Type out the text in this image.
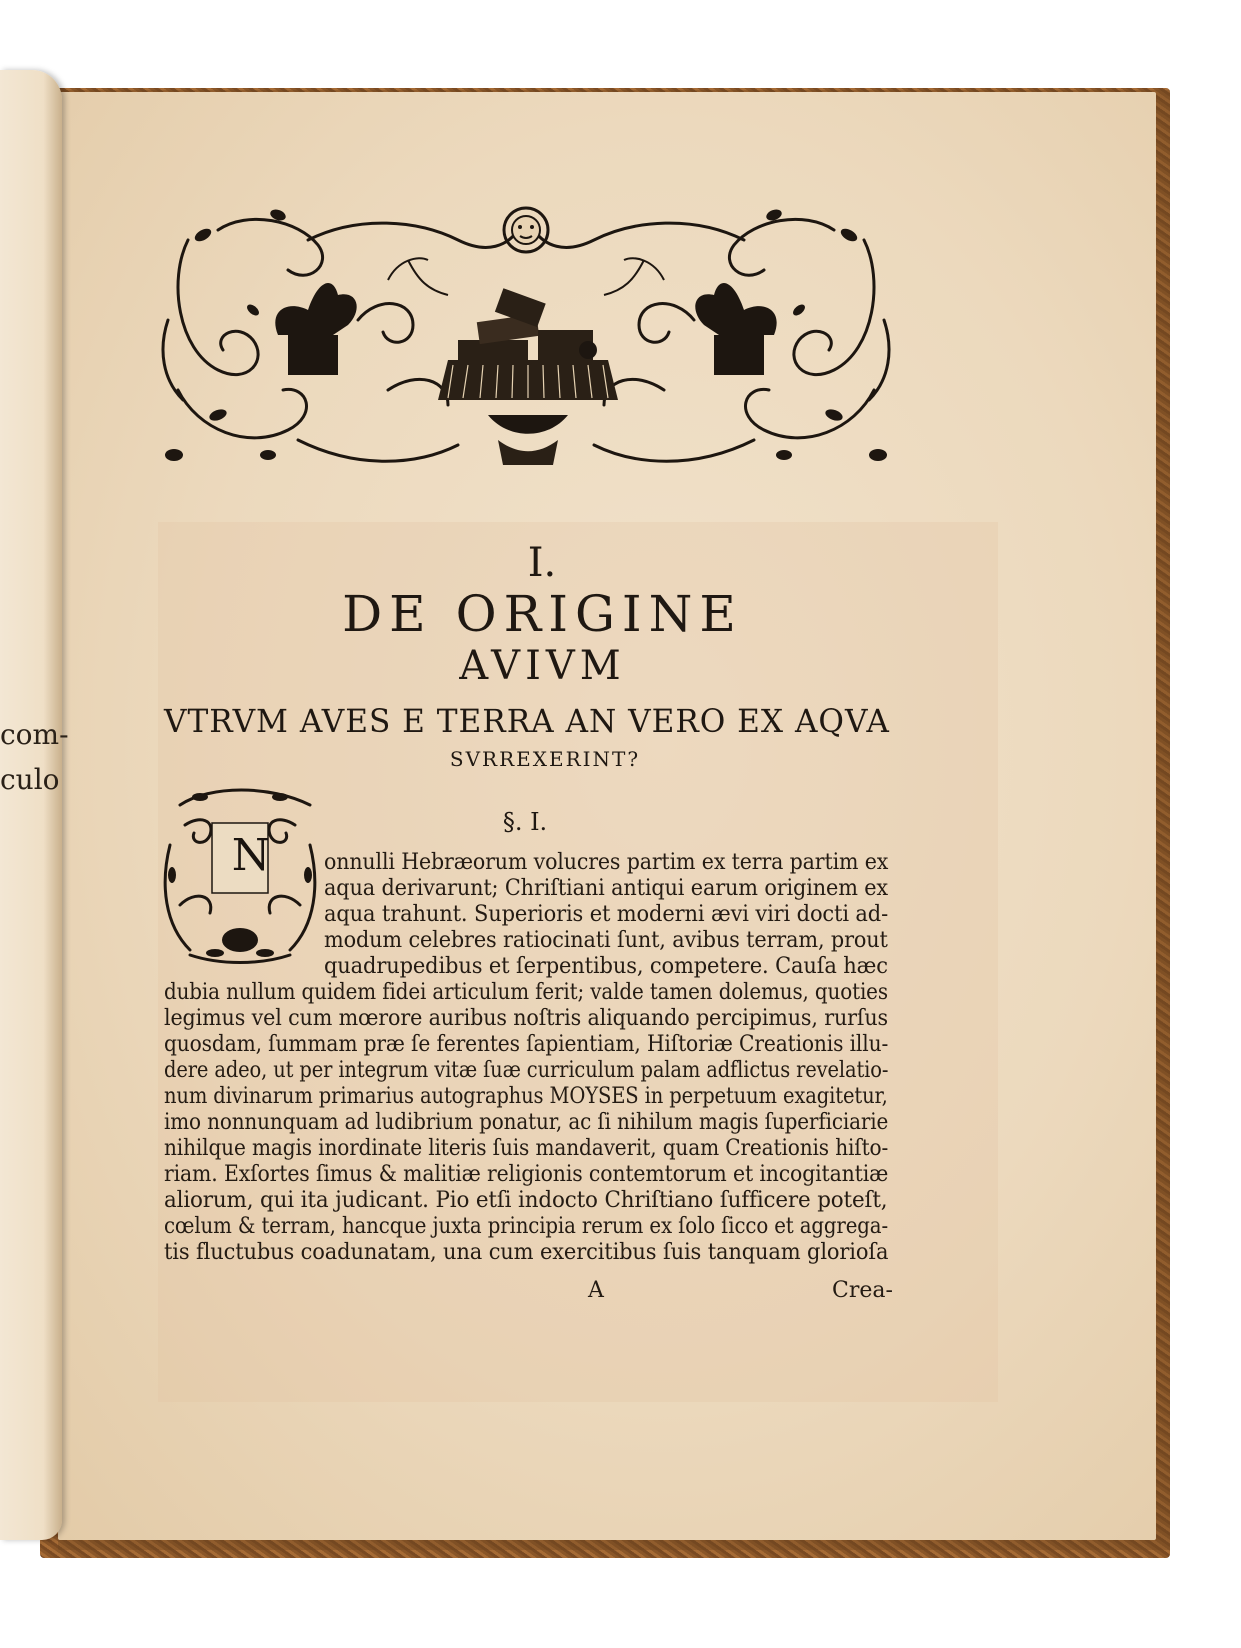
com-
culo
I.
DE ORIGINE
AVIVM
VTRVM AVES E TERRA AN VERO EX AQVA
SVRREXERINT?
§. I.
N onnulli Hebræorum volucres partim ex terra partim ex
aqua derivarunt; Chriſtiani antiqui earum originem ex
aqua trahunt. Superioris et moderni ævi viri docti ad-
modum celebres ratiocinati ſunt, avibus terram, prout
quadrupedibus et ſerpentibus, competere. Cauſa hæc
dubia nullum quidem fidei articulum ferit; valde tamen dolemus, quoties
legimus vel cum mœrore auribus noſtris aliquando percipimus, rurſus
quosdam, ſummam præ ſe ferentes ſapientiam, Hiſtoriæ Creationis illu-
dere adeo, ut per integrum vitæ ſuæ curriculum palam adflictus revelatio-
num divinarum primarius autographus MOYSES in perpetuum exagitetur,
imo nonnunquam ad ludibrium ponatur, ac ſi nihilum magis ſuperficiarie
nihilque magis inordinate literis ſuis mandaverit, quam Creationis hiſto-
riam. Exſortes ſimus & malitiæ religionis contemtorum et incogitantiæ
aliorum, qui ita judicant. Pio etſi indocto Chriſtiano ſufficere poteſt,
cœlum & terram, hancque juxta principia rerum ex ſolo ſicco et aggrega-
tis fluctubus coadunatam, una cum exercitibus ſuis tanquam glorioſa
A	Crea-
